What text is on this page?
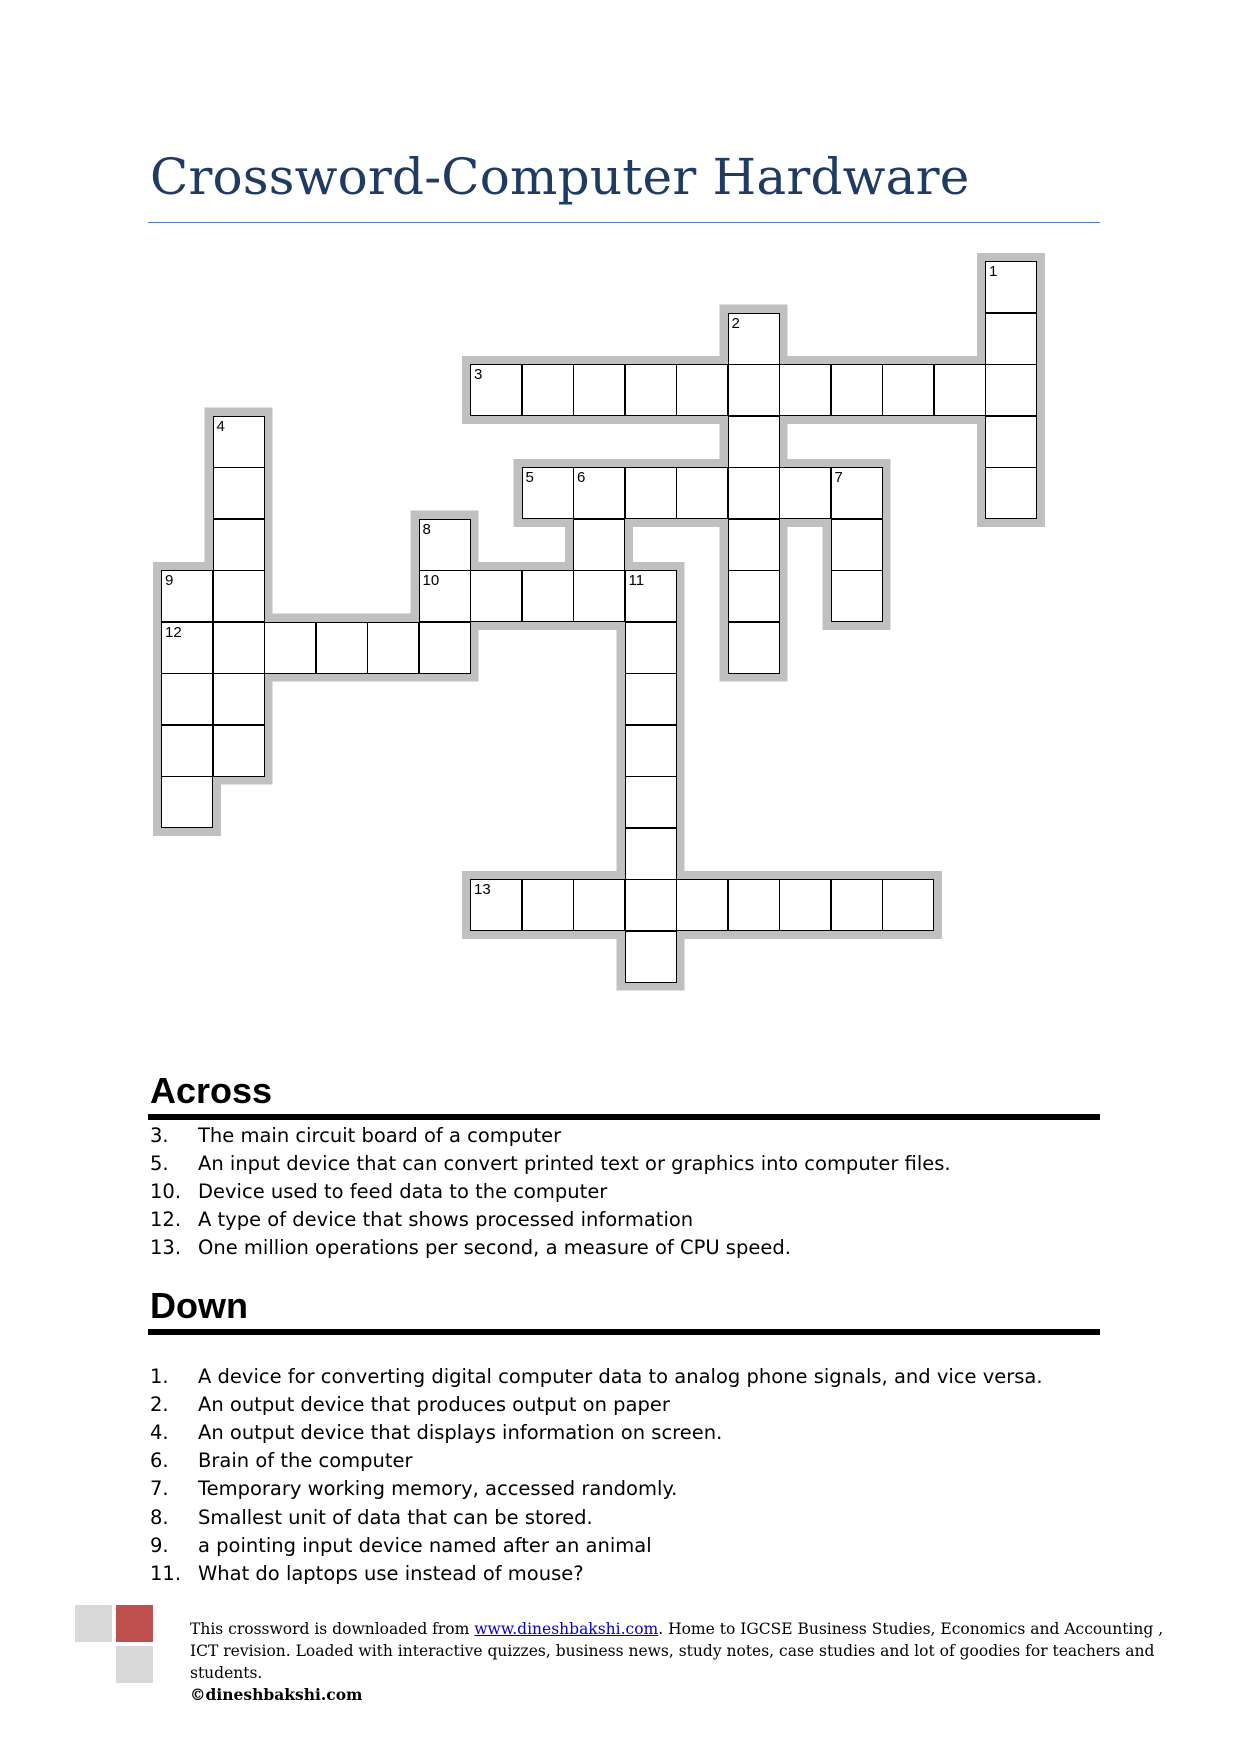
Crossword-Computer Hardware
1
2
3
4
5	6	7
8
10
9
12
11
13
Across
3.	The main circuit board of a computer
5.	An input device that can convert printed text or graphics into computer files.
10. Device used to feed data to the computer
12. A type of device that shows processed information
13. One million operations per second, a measure of CPU speed.
Down
1.	A device for converting digital computer data to analog phone signals, and vice versa.
2.	An output device that produces output on paper
4.	An output device that displays information on screen.
6.	Brain of the computer
7.	Temporary working memory, accessed randomly.
8.	Smallest unit of data that can be stored.
9.	a pointing input device named after an animal
11. What do laptops use instead of mouse?
This crossword is downloaded from www.dineshbakshi.com. Home to IGCSE Business Studies, Economics and Accounting , ICT revision. Loaded with interactive quizzes, business news, study notes, case studies and lot of goodies for teachers and students.
©dineshbakshi.com
